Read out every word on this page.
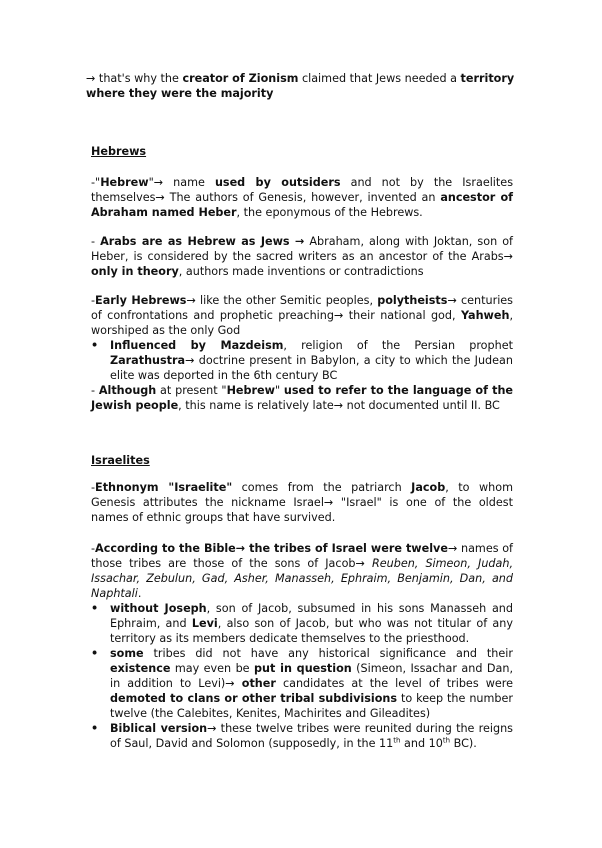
→ that's why the creator of Zionism claimed that Jews needed a territory where they were the majority
Hebrews

-"Hebrew"→ name used by outsiders and not by the Israelites themselves→ The authors of Genesis, however, invented an ancestor of Abraham named Heber, the eponymous of the Hebrews.

- Arabs are as Hebrew as Jews → Abraham, along with Joktan, son of Heber, is considered by the sacred writers as an ancestor of the Arabs→ only in theory, authors made inventions or contradictions

-Early Hebrews→ like the other Semitic peoples, polytheists→ centuries of confrontations and prophetic preaching→ their national god, Yahweh, worshiped as the only God

• Influenced by Mazdeism, religion of the Persian prophet Zarathustra→ doctrine present in Babylon, a city to which the Judean elite was deported in the 6th century BC

- Although at present "Hebrew" used to refer to the language of the Jewish people, this name is relatively late→ not documented until II. BC

Israelites

-Ethnonym "Israelite" comes from the patriarch Jacob, to whom Genesis attributes the nickname Israel→ "Israel" is one of the oldest names of ethnic groups that have survived.

-According to the Bible→ the tribes of Israel were twelve→ names of those tribes are those of the sons of Jacob→ Reuben, Simeon, Judah, Issachar, Zebulun, Gad, Asher, Manasseh, Ephraim, Benjamin, Dan, and Naphtali.

• without Joseph, son of Jacob, subsumed in his sons Manasseh and Ephraim, and Levi, also son of Jacob, but who was not titular of any territory as its members dedicate themselves to the priesthood.
• some tribes did not have any historical significance and their existence may even be put in question (Simeon, Issachar and Dan, in addition to Levi)→ other candidates at the level of tribes were demoted to clans or other tribal subdivisions to keep the number twelve (the Calebites, Kenites, Machirites and Gileadites)
• Biblical version→ these twelve tribes were reunited during the reigns of Saul, David and Solomon (supposedly, in the 11th and 10th BC).
